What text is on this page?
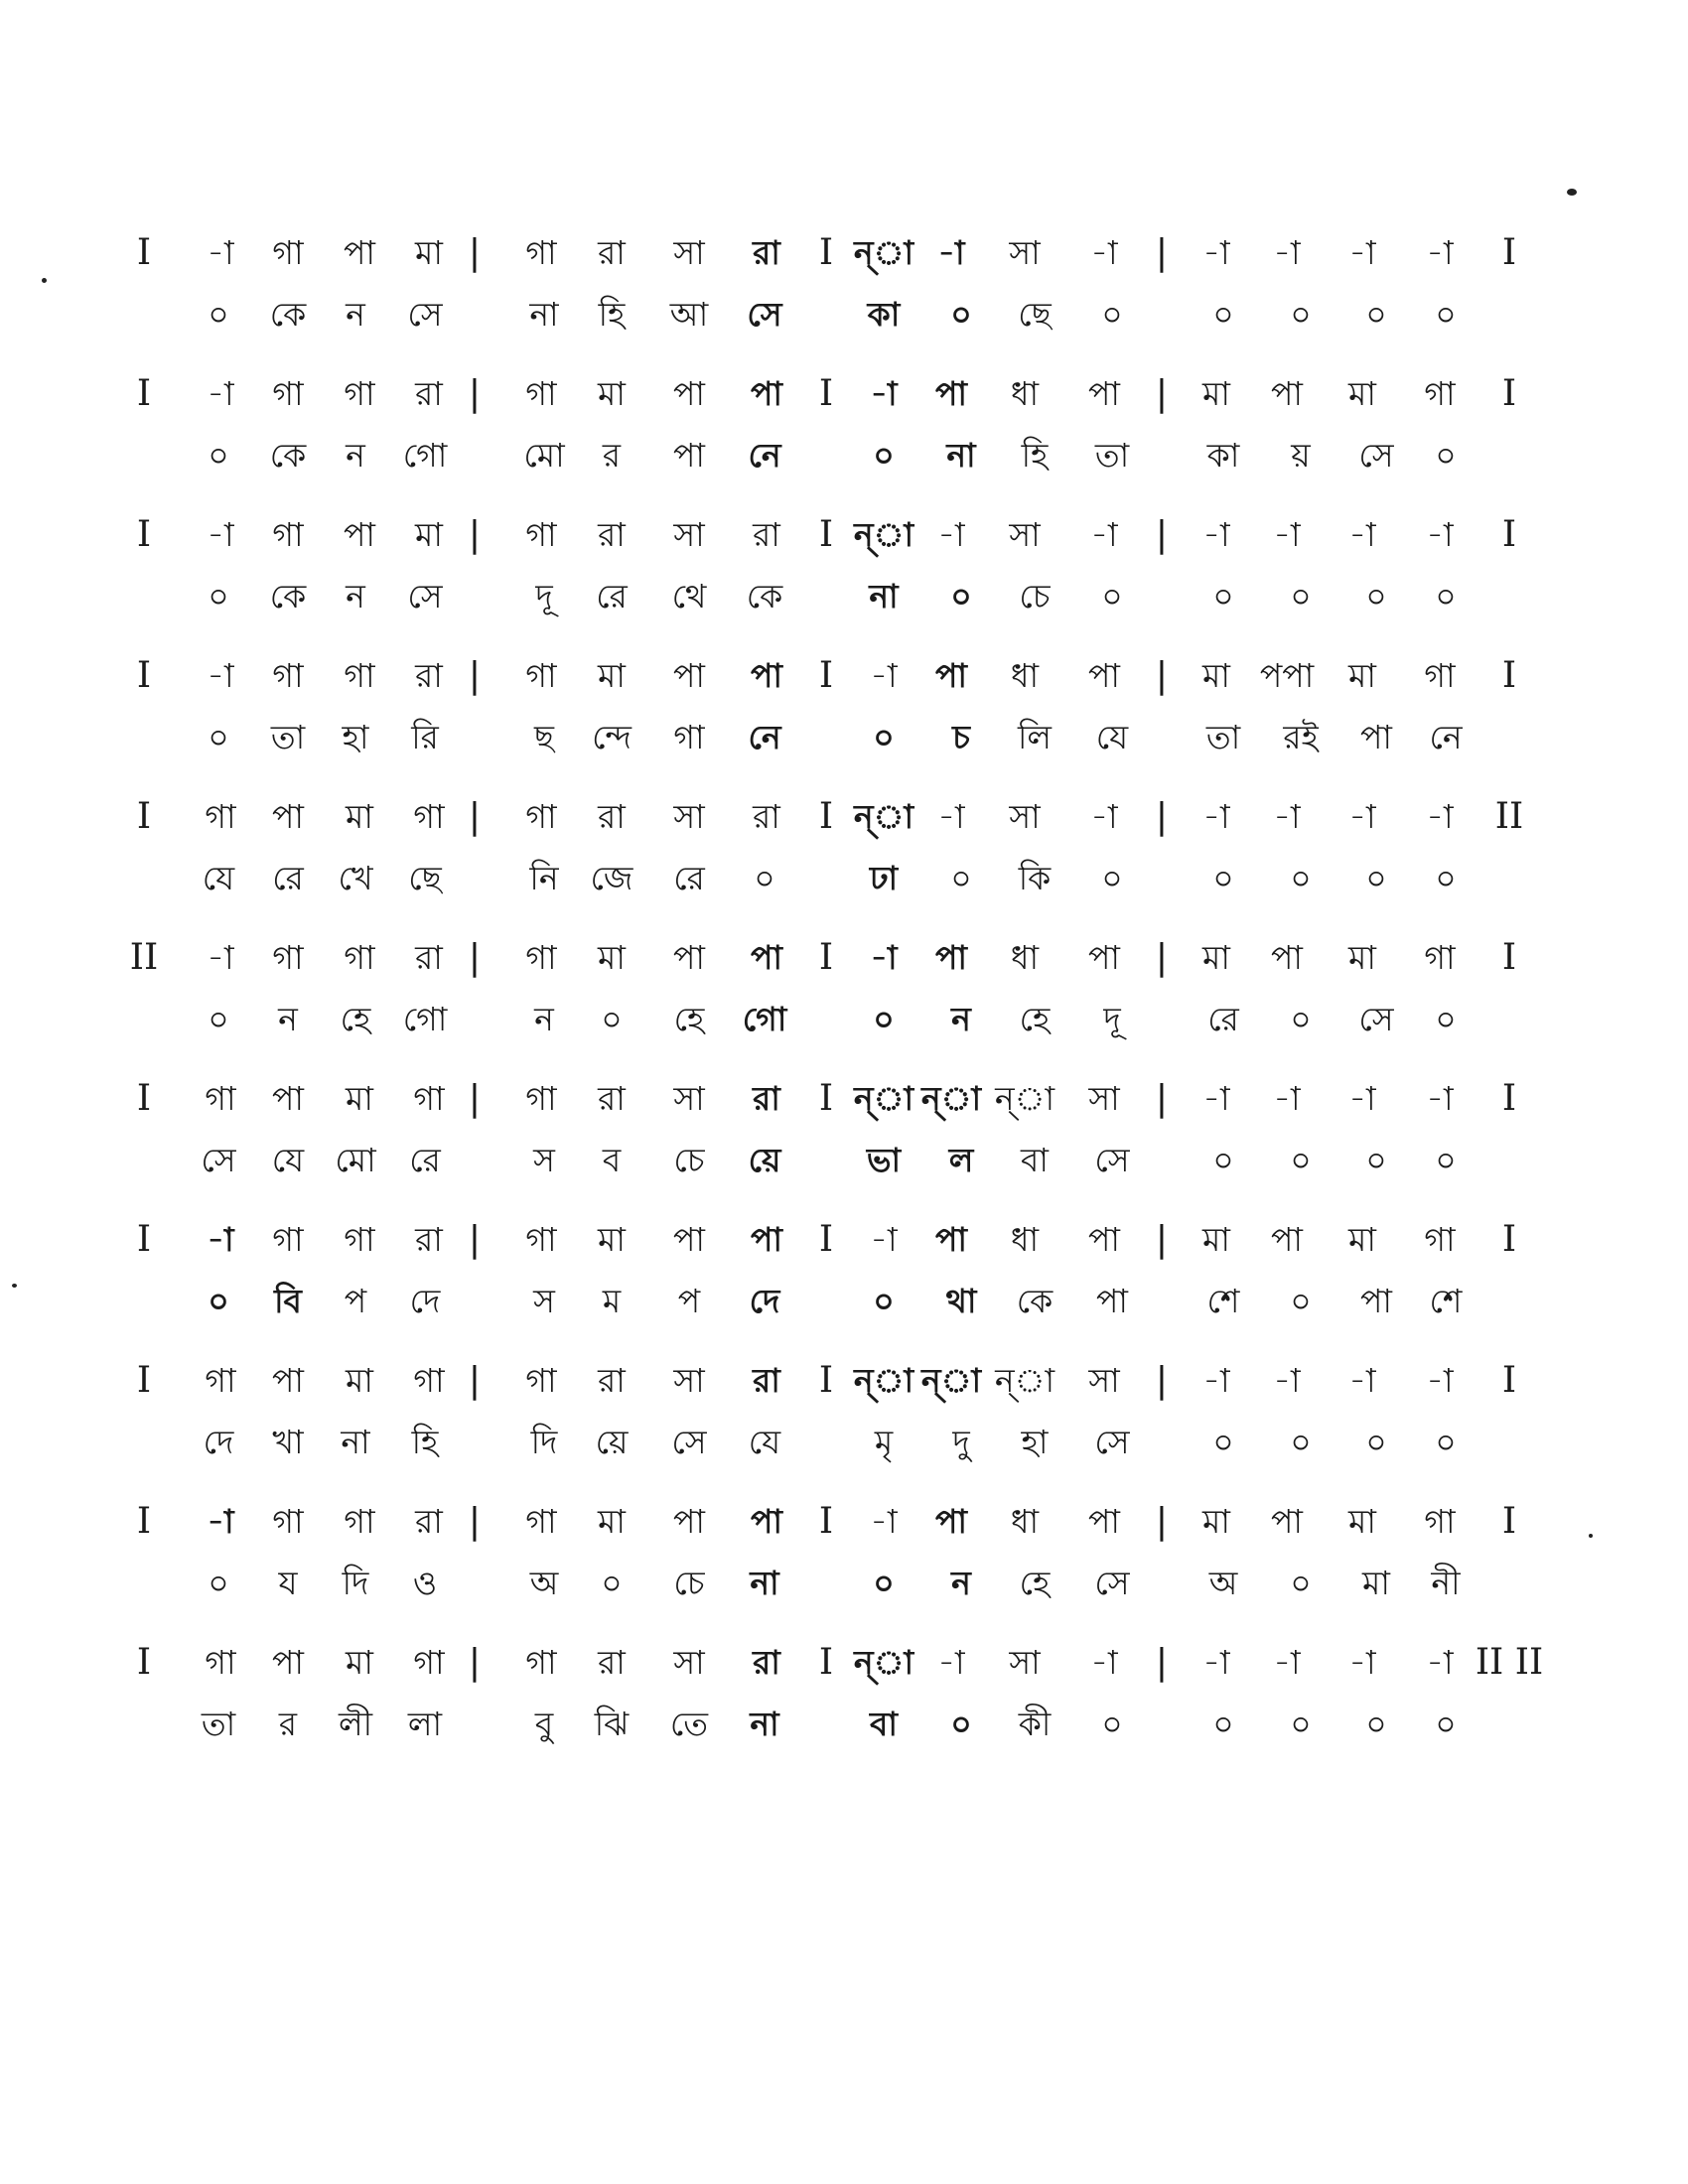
I -া গা পা মা | গা রা সা রা I ন্‌া -া সা -া | -া -া -া -া I
০ কে ন সে	না হি আ সে	কা ০ ছে ০	০ ০ ০ ০
I -া গা গা রা | গা মা পা পা I -া পা ধা পা | মা পা মা গা I
০ কে ন গো মো র পা নে	০ না হি তা কা য় সে ০
I -া গা পা মা | গা রা সা রা I ন্‌া -া সা -া | -া -া -া -া I
০ কে ন সে	দূ রে থে কে	না ০ চে ০	০ ০ ০ ০
I -া গা গা রা | গা মা পা পা I -া পা ধা পা | মা পপা মা গা I
০ তা হা রি	ছ ন্দে গা নে	০ চ লি যে তা রই পা নে
I গা পা মা গা | গা রা সা রা I ন্‌া -া সা -া | -া -া -া -া II
যে রে খে ছে	নি জে রে ০	ঢা ০ কি ০	০ ০ ০ ০
II -া গা গা রা | গা মা পা পা I -া পা ধা পা | মা পা মা গা I
০ ন হে গো	ন ০ হে গো	০ ন হে দূ	রে ০ সে ০
I গা পা মা গা | গা রা সা রা I ন্‌া ন্‌া ন্‌া সা | -া -া -া -া I
সে যে মো রে	স ব চে য়ে	ভা ল বা সে	০ ০ ০ ০
I -া গা গা রা | গা মা পা পা I -া পা ধা পা | মা পা মা গা I
০ বি প দে	স ম প দে	০ থা কে পা শে ০ পা শে
I গা পা মা গা | গা রা সা রা I ন্‌া ন্‌া ন্‌া সা | -া -া -া -া I
দে খা না হি	দি য়ে সে যে	মৃ দু হা সে	০ ০ ০ ০
I -া গা গা রা | গা মা পা পা I -া পা ধা পা | মা পা মা গা I
০ য দি ও	অ ০ চে না	০ ন হে সে অ ০ মা নী
I গা পা মা গা | গা রা সা রা I ন্‌া -া সা -া | -া -া -া -া II II
তা র লী লা	বু ঝি তে না	বা ০ কী ০	০ ০ ০ ০
